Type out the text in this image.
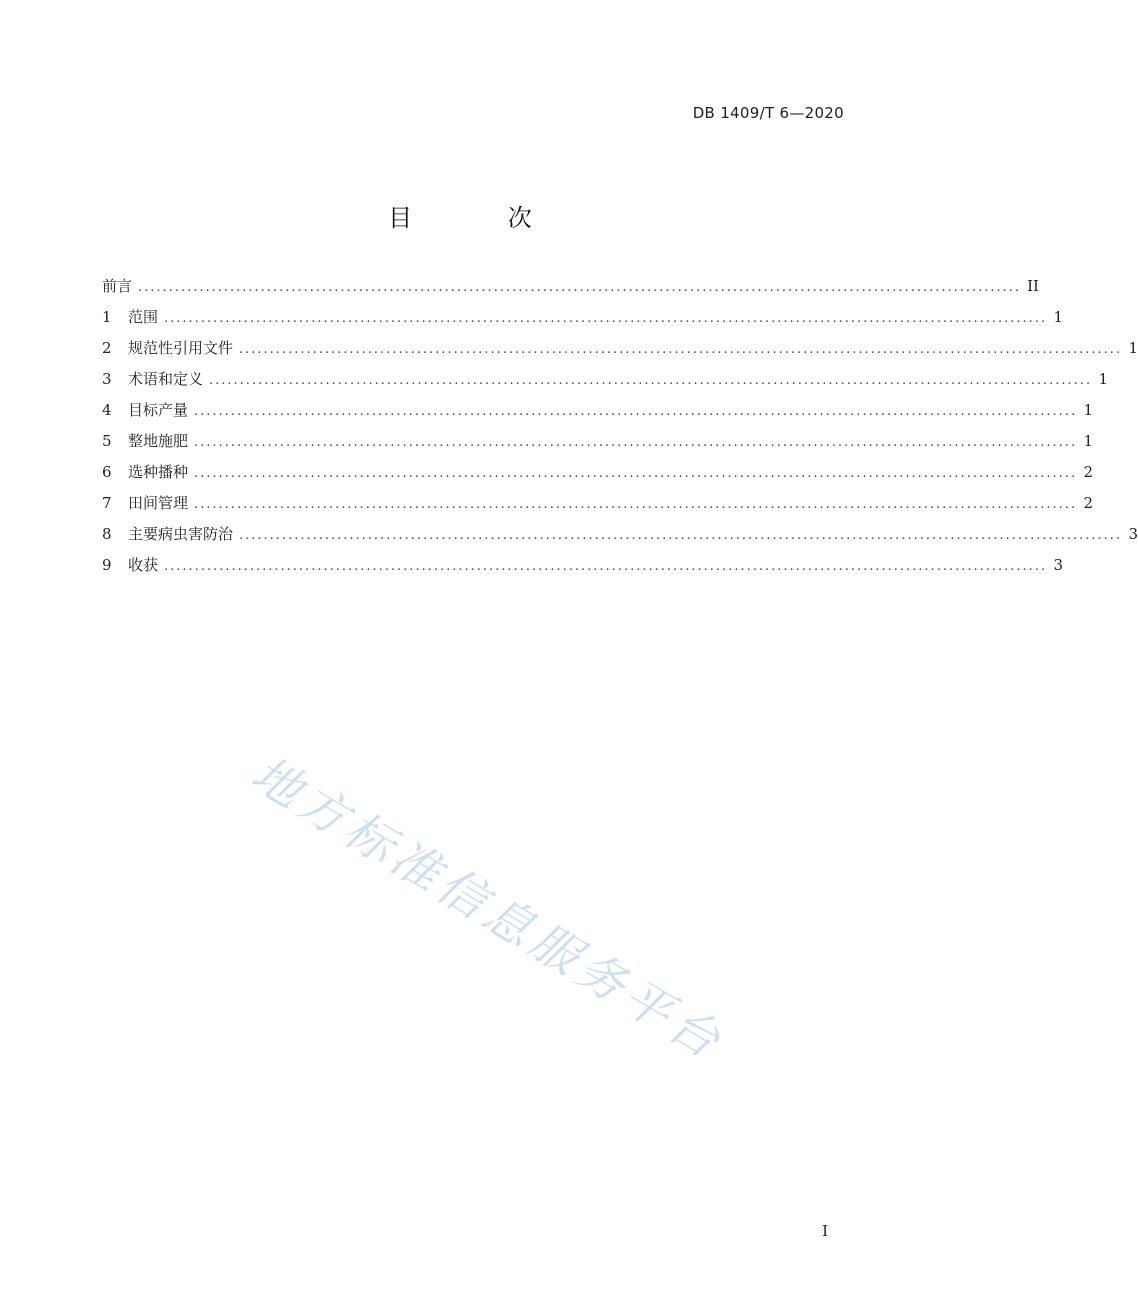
DB 1409/T 6—2020
目 次
前言 ................................................................................................................................................ II
1	范围 ................................................................................................................................................ 1
2	规范性引用文件 ................................................................................................................................................ 1
3	术语和定义 ................................................................................................................................................ 1
4	目标产量 ................................................................................................................................................ 1
5	整地施肥 ................................................................................................................................................ 1
6	选种播种 ................................................................................................................................................ 2
7	田间管理 ................................................................................................................................................ 2
8	主要病虫害防治 ................................................................................................................................................ 3
9	收获 ................................................................................................................................................ 3
地方标准信息服务平台
I
